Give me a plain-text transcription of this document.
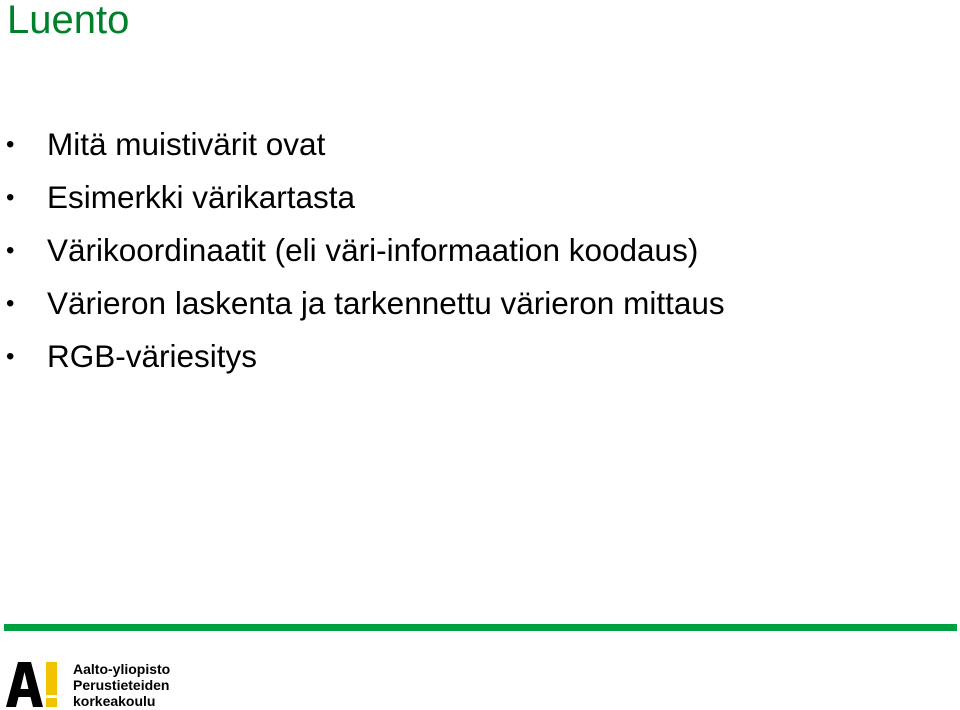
Luento
• Mitä muistivärit ovat
• Esimerkki värikartasta
• Värikoordinaatit (eli väri-informaation koodaus)
• Värieron laskenta ja tarkennettu värieron mittaus
• RGB-väriesitys
Aalto-yliopisto
Perustieteiden
korkeakoulu
